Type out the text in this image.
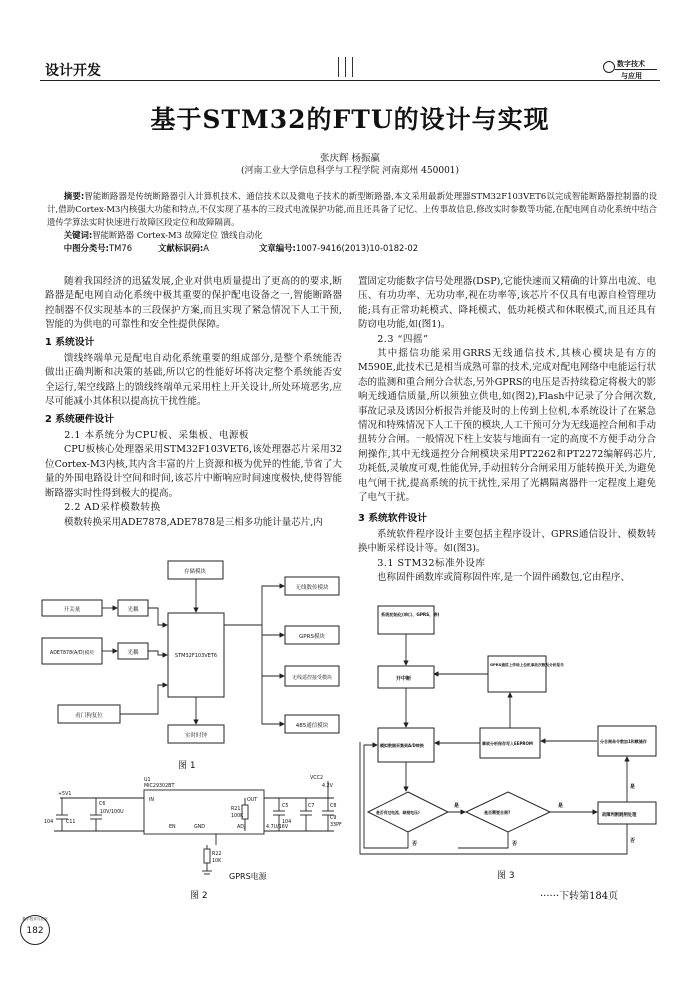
设计开发	数字技术
与应用
基于STM32的FTU的设计与实现
张庆辉 杨振赢
(河南工业大学信息科学与工程学院 河南郑州 450001)
摘要:智能断路器是传统断路器引入计算机技术、通信技术以及微电子技术的新型断路器,本文采用最新处理器STM32F103VET6以完成智能断路器控制器的设计,借助Cortex-M3内核强大功能和特点,不仅实现了基本的三段式电流保护功能,而且还具备了记忆、上传事故信息,修改实时参数等功能,在配电网自动化系统中结合遗传学算法实时快速进行故障区段定位和故障隔离。
关键词:智能断路器 Cortex-M3 故障定位 馈线自动化
中图分类号:TM76	文献标识码:A	文章编号:1007-9416(2013)10-0182-02

随着我国经济的迅猛发展,企业对供电质量提出了更高的的要求,断路器是配电网自动化系统中极其重要的保护配电设备之一,智能断路器控制器不仅实现基本的三段保护方案,而且实现了紧急情况下人工干预,智能的为供电的可靠性和安全性提供保障。

1 系统设计

馈线终端单元是配电自动化系统重要的组成部分,是整个系统能否做出正确判断和决策的基础,所以它的性能好坏将决定整个系统能否安全运行,架空线路上的馈线终端单元采用柱上开关设计,所处环境恶劣,应尽可能减小其体积以提高抗干扰性能。

2 系统硬件设计
2.1 本系统分为CPU板、采集板、电源板

CPU板核心处理器采用STM32F103VET6,该处理器芯片采用32位Cortex-M3内核,其内含丰富的片上资源和极为优异的性能,节省了大量的外围电路设计空间和时间,该芯片中断响应时间速度极快,使得智能断路器实时性得到极大的提高。

2.2 AD采样模数转换

模数转换采用ADE7878,ADE7878是三相多功能计量芯片,内

置固定功能数字信号处理器(DSP),它能快速而又精确的计算出电流、电压、有功功率、无功功率,视在功率等,该芯片不仅具有电源自检管理功能;具有正常功耗模式、降耗模式、低功耗模式和休眠模式,而且还具有防窃电功能,如(图1)。

2.3 “四摇”

其中摇信功能采用GRRS无线通信技术,其核心模块是有方的M590E,此技术已是相当成熟可靠的技术,完成对配电网络中电能运行状态的监测和重合闸分合状态,另外GPRS的电压是否持续稳定将极大的影响无线通信质量,所以须独立供电,如(图2),Flash中记录了分合闸次数,事故记录及诱因分析报告并能及时的上传到上位机,本系统设计了在紧急情况和特殊情况下人工干预的模块,人工干预可分为无线遥控合闸和手动扭转分合闸。一般情况下柱上安装与地面有一定的高度不方便手动分合闸操作,其中无线遥控分合闸模块采用PT2262和PT2272编解码芯片,功耗低,灵敏度可观,性能优异,手动扭转分合闸采用万能转换开关,为避免电气闸干扰,提高系统的抗干扰性,采用了光耦隔离器件一定程度上避免了电气干扰。

3 系统软件设计

系统软件程序设计主要包括主程序设计、GPRS通信设计、模数转换中断采样设计等。如(图3)。

3.1 STM32标准外设库

也称固件函数库或简称固件库,是一个固件函数包,它由程序、

存储模块
开关量	光耦
ADE7878(A/D)模块	光耦	STM32F103VET6
无线数传模块
GPRS模块
无线遥控接受模块
485通信模块
看门狗复位
实时时钟
图 1
+5V1
U1
MIC29302BT
IN	OUT
ADJ
EN	GND
C6
10V/100U
C11
104
C5
104
C7
4.7U/16V
C8
C9
33PF
R21
100K
R22
10K
VCC2
4.2V
GPRS电源
图 2
系统初始化(串口、GPRS、等)
开中断
GPRS通信上传给上位机事故次数及分析报告
模拟数据采集到A/D转换	事故分析保存写入EEPROM	分合闸命令数加1和赋储存
是否有过电流、缺相电压?	是否需要合闸?
故障判断跳闸处理
是	是
是
否	否	否
图 3
······下转第184页
数字技术与应用
182
